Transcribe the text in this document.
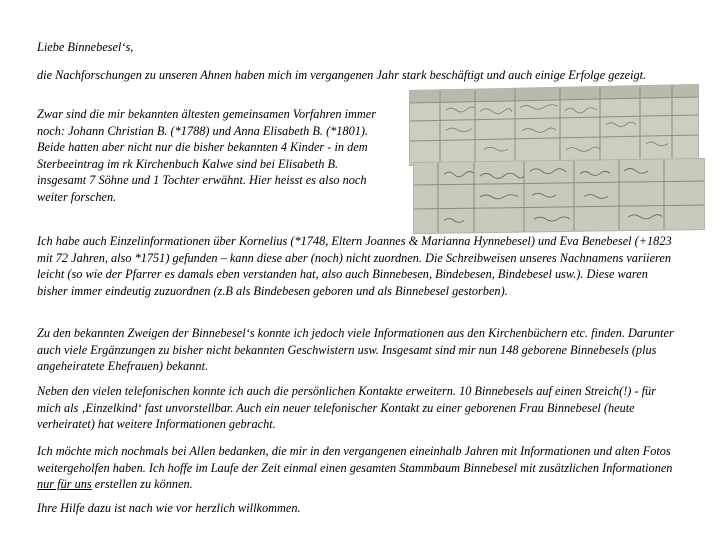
Liebe Binnebesel‘s,

die Nachforschungen zu unseren Ahnen haben mich im vergangenen Jahr stark beschäftigt und auch einige Erfolge gezeigt.

Zwar sind die mir bekannten ältesten gemeinsamen Vorfahren immer noch: Johann Christian B. (*1788) und Anna Elisabeth B. (*1801). Beide hatten aber nicht nur die bisher bekannten 4 Kinder - in dem Sterbeeintrag im rk Kirchenbuch Kalwe sind bei Elisabeth B. insgesamt 7 Söhne und 1 Tochter erwähnt. Hier heisst es also noch weiter forschen.

Ich habe auch Einzelinformationen über Kornelius (*1748, Eltern Joannes & Marianna Hynnebesel) und Eva Benebesel (+1823 mit 72 Jahren, also *1751) gefunden – kann diese aber (noch) nicht zuordnen. Die Schreibweisen unseres Nachnamens variieren leicht (so wie der Pfarrer es damals eben verstanden hat, also auch Binnebesen, Bindebesen, Bindebesel usw.). Diese waren bisher immer eindeutig zuzuordnen (z.B als Bindebesen geboren und als Binnebesel gestorben).

Zu den bekannten Zweigen der Binnebesel‘s konnte ich jedoch viele Informationen aus den Kirchenbüchern etc. finden. Darunter auch viele Ergänzungen zu bisher nicht bekannten Geschwistern usw. Insgesamt sind mir nun 148 geborene Binnebesels (plus angeheiratete Ehefrauen) bekannt.

Neben den vielen telefonischen konnte ich auch die persönlichen Kontakte erweitern. 10 Binnebesels auf einen Streich(!) - für mich als ‚Einzelkind‘ fast unvorstellbar. Auch ein neuer telefonischer Kontakt zu einer geborenen Frau Binnebesel (heute verheiratet) hat weitere Informationen gebracht.

Ich möchte mich nochmals bei Allen bedanken, die mir in den vergangenen eineinhalb Jahren mit Informationen und alten Fotos weitergeholfen haben. Ich hoffe im Laufe der Zeit einmal einen gesamten Stammbaum Binnebesel mit zusätzlichen Informationen nur für uns erstellen zu können.

Ihre Hilfe dazu ist nach wie vor herzlich willkommen.
